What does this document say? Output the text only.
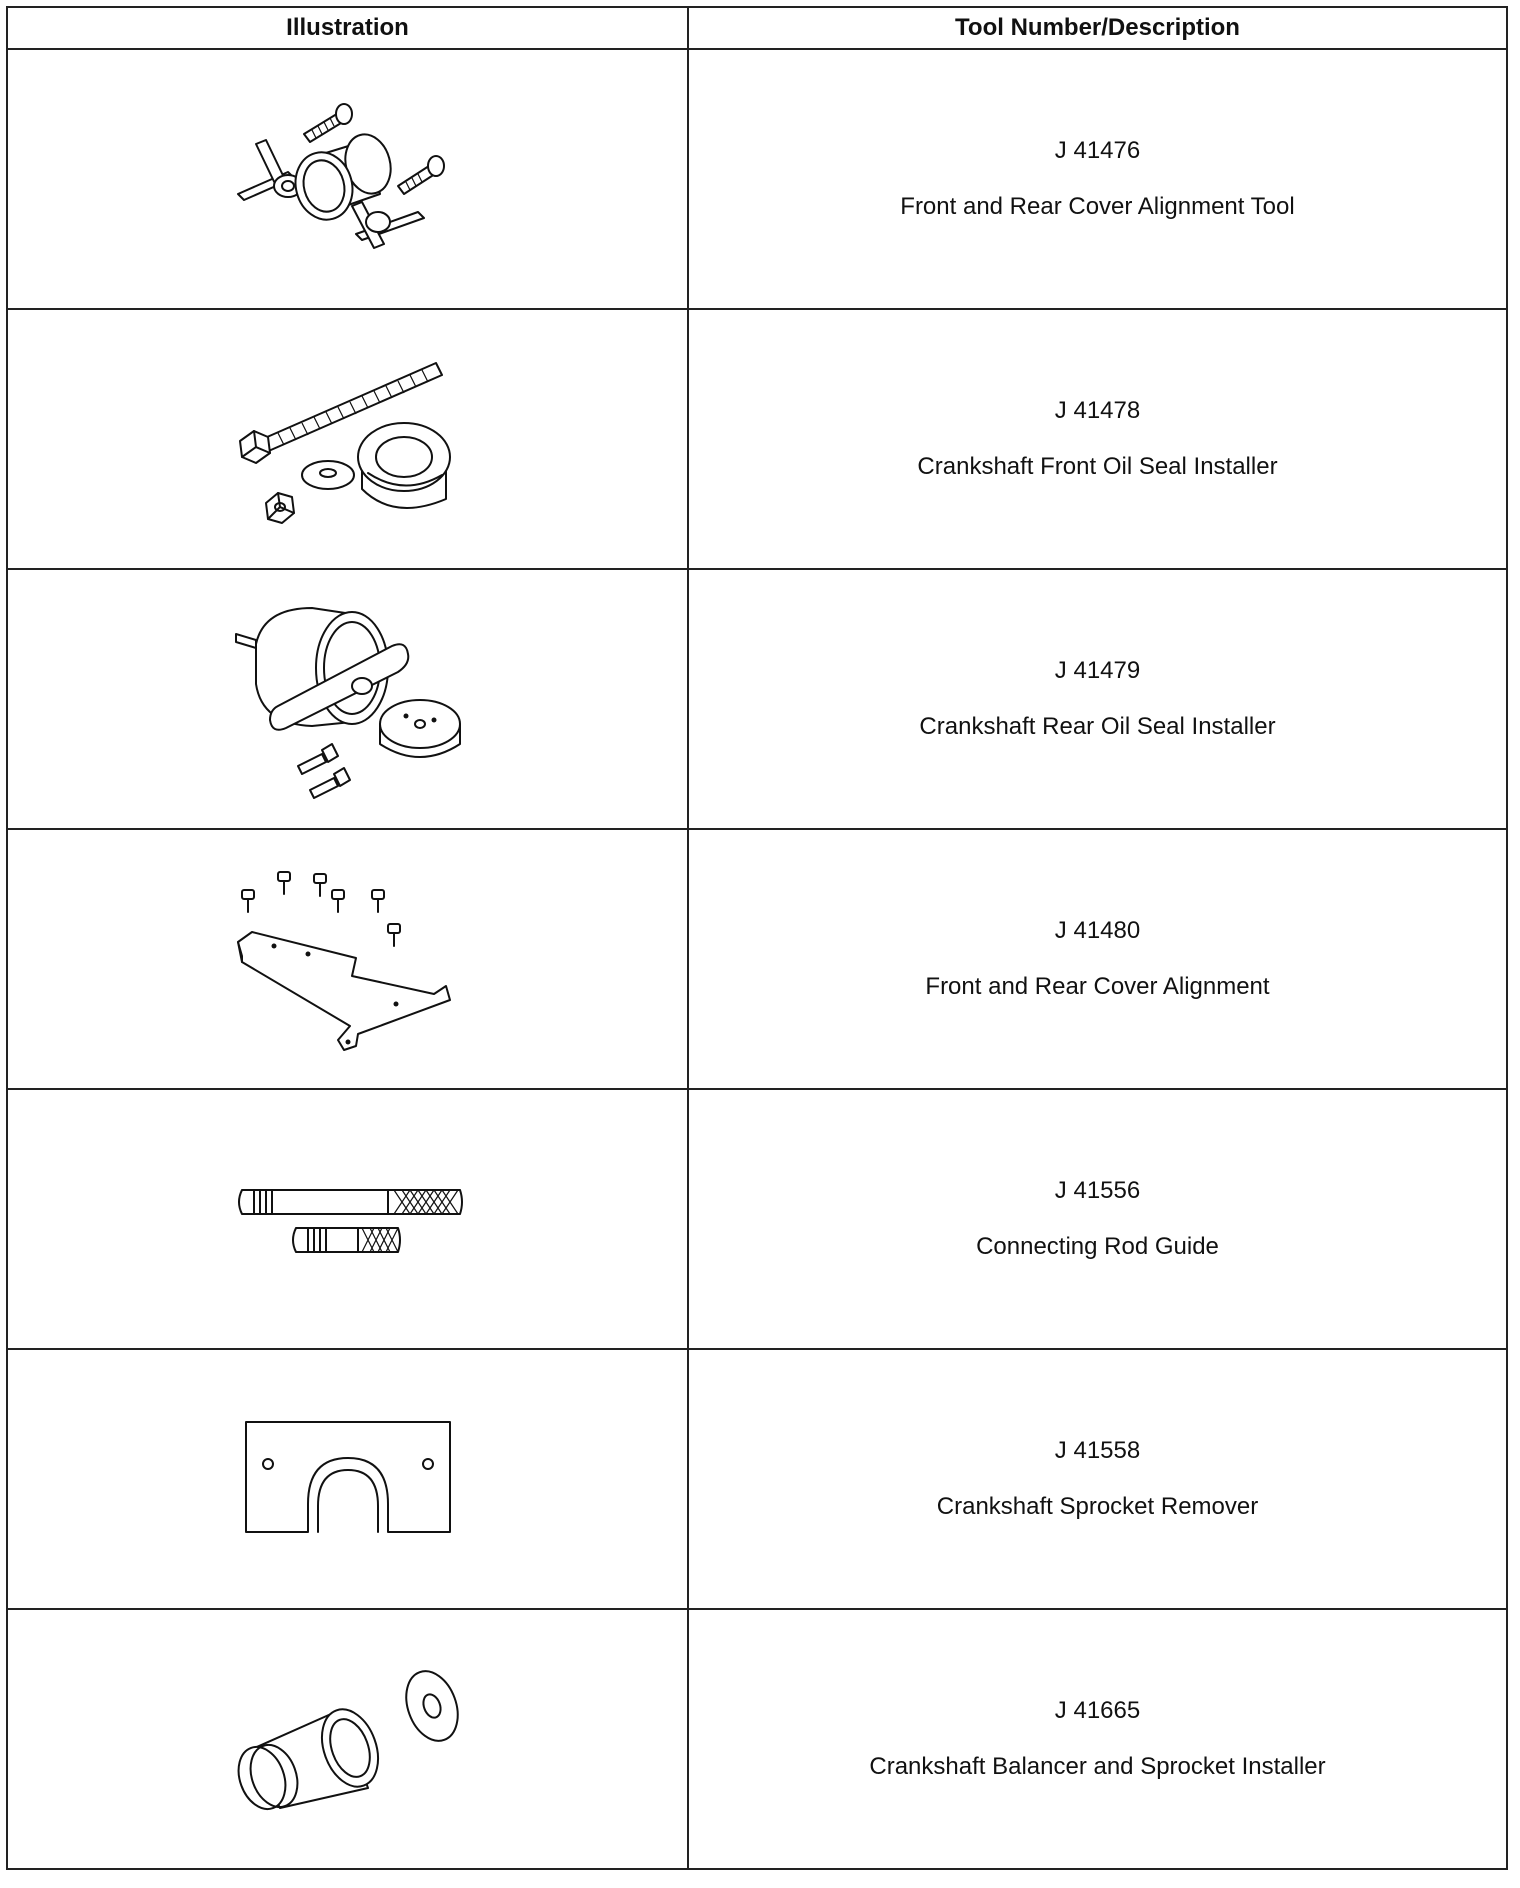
Illustration	Tool Number/Description

J 41476
Front and Rear Cover Alignment Tool

J 41478
Crankshaft Front Oil Seal Installer

J 41479
Crankshaft Rear Oil Seal Installer

J 41480
Front and Rear Cover Alignment

J 41556
Connecting Rod Guide

J 41558
Crankshaft Sprocket Remover

J 41665
Crankshaft Balancer and Sprocket Installer
